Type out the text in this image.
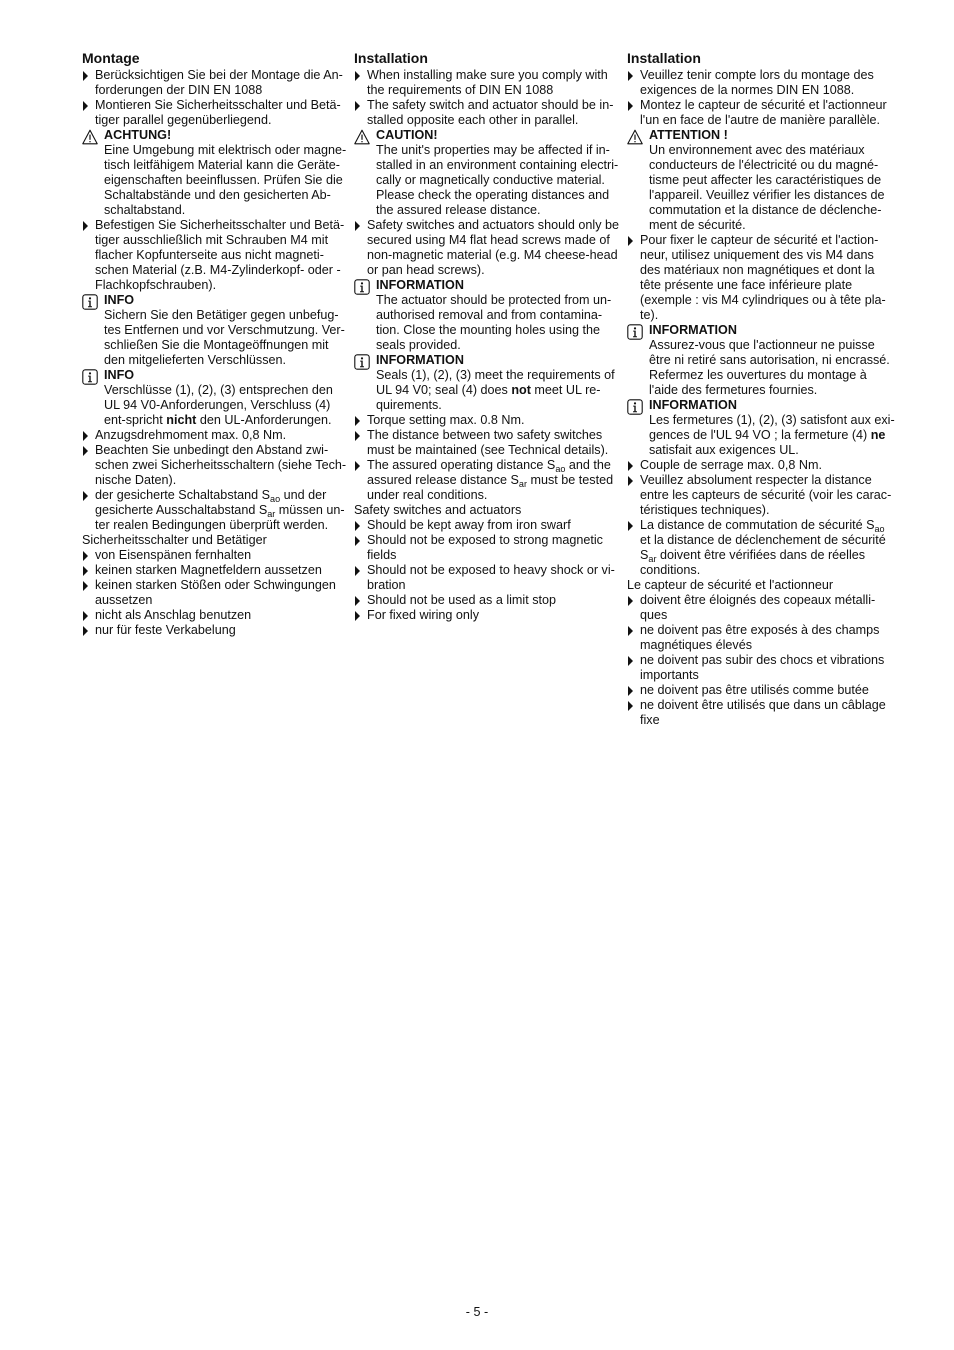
Montage
Berücksichtigen Sie bei der Montage die An-forderungen der DIN EN 1088
Montieren Sie Sicherheitsschalter und Betä-tiger parallel gegenüberliegend.
ACHTUNG!
Eine Umgebung mit elektrisch oder magne-tisch leitfähigem Material kann die Geräte-eigenschaften beeinflussen. Prüfen Sie die Schaltabstände und den gesicherten Ab-schaltabstand.
Befestigen Sie Sicherheitsschalter und Betä-tiger ausschließlich mit Schrauben M4 mit flacher Kopfunterseite aus nicht magneti-schen Material (z.B. M4-Zylinderkopf- oder -Flachkopfschrauben).
INFO
Sichern Sie den Betätiger gegen unbefug-tes Entfernen und vor Verschmutzung. Ver-schließen Sie die Montageöffnungen mit den mitgelieferten Verschlüssen.
INFO
Verschlüsse (1), (2), (3) entsprechen den UL 94 V0-Anforderungen, Verschluss (4) ent-spricht nicht den UL-Anforderungen.
Anzugsdrehmoment max. 0,8 Nm.
Beachten Sie unbedingt den Abstand zwi-schen zwei Sicherheitsschaltern (siehe Tech-nische Daten).
der gesicherte Schaltabstand $S_{ao}$ und der gesicherte Ausschaltabstand $S_{ar}$ müssen un-ter realen Bedingungen überprüft werden.
Sicherheitsschalter und Betätiger
von Eisenspänen fernhalten
keinen starken Magnetfeldern aussetzen
keinen starken Stößen oder Schwingungen aussetzen
nicht als Anschlag benutzen
nur für feste Verkabelung
Installation
When installing make sure you comply with the requirements of DIN EN 1088
The safety switch and actuator should be in-stalled opposite each other in parallel.
CAUTION!
The unit's properties may be affected if in-stalled in an environment containing electri-cally or magnetically conductive material. Please check the operating distances and the assured release distance.
Safety switches and actuators should only be secured using M4 flat head screws made of non-magnetic material (e.g. M4 cheese-head or pan head screws).
INFORMATION
The actuator should be protected from un-authorised removal and from contamina-tion. Close the mounting holes using the seals provided.
INFORMATION
Seals (1), (2), (3) meet the requirements of UL 94 V0; seal (4) does not meet UL re-quirements.
Torque setting max. 0.8 Nm.
The distance between two safety switches must be maintained (see Technical details).
The assured operating distance $S_{ao}$ and the assured release distance $S_{ar}$ must be tested under real conditions.
Safety switches and actuators
Should be kept away from iron swarf
Should not be exposed to strong magnetic fields
Should not be exposed to heavy shock or vi-bration
Should not be used as a limit stop
For fixed wiring only
Installation
Veuillez tenir compte lors du montage des exigences de la normes DIN EN 1088.
Montez le capteur de sécurité et l'actionneur l'un en face de l'autre de manière parallèle.
ATTENTION !
Un environnement avec des matériaux conducteurs de l'électricité ou du magné-tisme peut affecter les caractéristiques de l'appareil. Veuillez vérifier les distances de commutation et la distance de déclenche-ment de sécurité.
Pour fixer le capteur de sécurité et l'action-neur, utilisez uniquement des vis M4 dans des matériaux non magnétiques et dont la tête présente une face inférieure plate (exemple : vis M4 cylindriques ou à tête pla-te).
INFORMATION
Assurez-vous que l'actionneur ne puisse être ni retiré sans autorisation, ni encrassé. Refermez les ouvertures du montage à l'aide des fermetures fournies.
INFORMATION
Les fermetures (1), (2), (3) satisfont aux exi-gences de l'UL 94 VO ; la fermeture (4) ne satisfait aux exigences UL.
Couple de serrage max. 0,8 Nm.
Veuillez absolument respecter la distance entre les capteurs de sécurité (voir les carac-téristiques techniques).
La distance de commutation de sécurité $S_{ao}$ et la distance de déclenchement de sécurité $S_{ar}$ doivent être vérifiées dans de réelles conditions.
Le capteur de sécurité et l'actionneur
doivent être éloignés des copeaux métalli-ques
ne doivent pas être exposés à des champs magnétiques élevés
ne doivent pas subir des chocs et vibrations importants
ne doivent pas être utilisés comme butée
ne doivent être utilisés que dans un câblage fixe
- 5 -
